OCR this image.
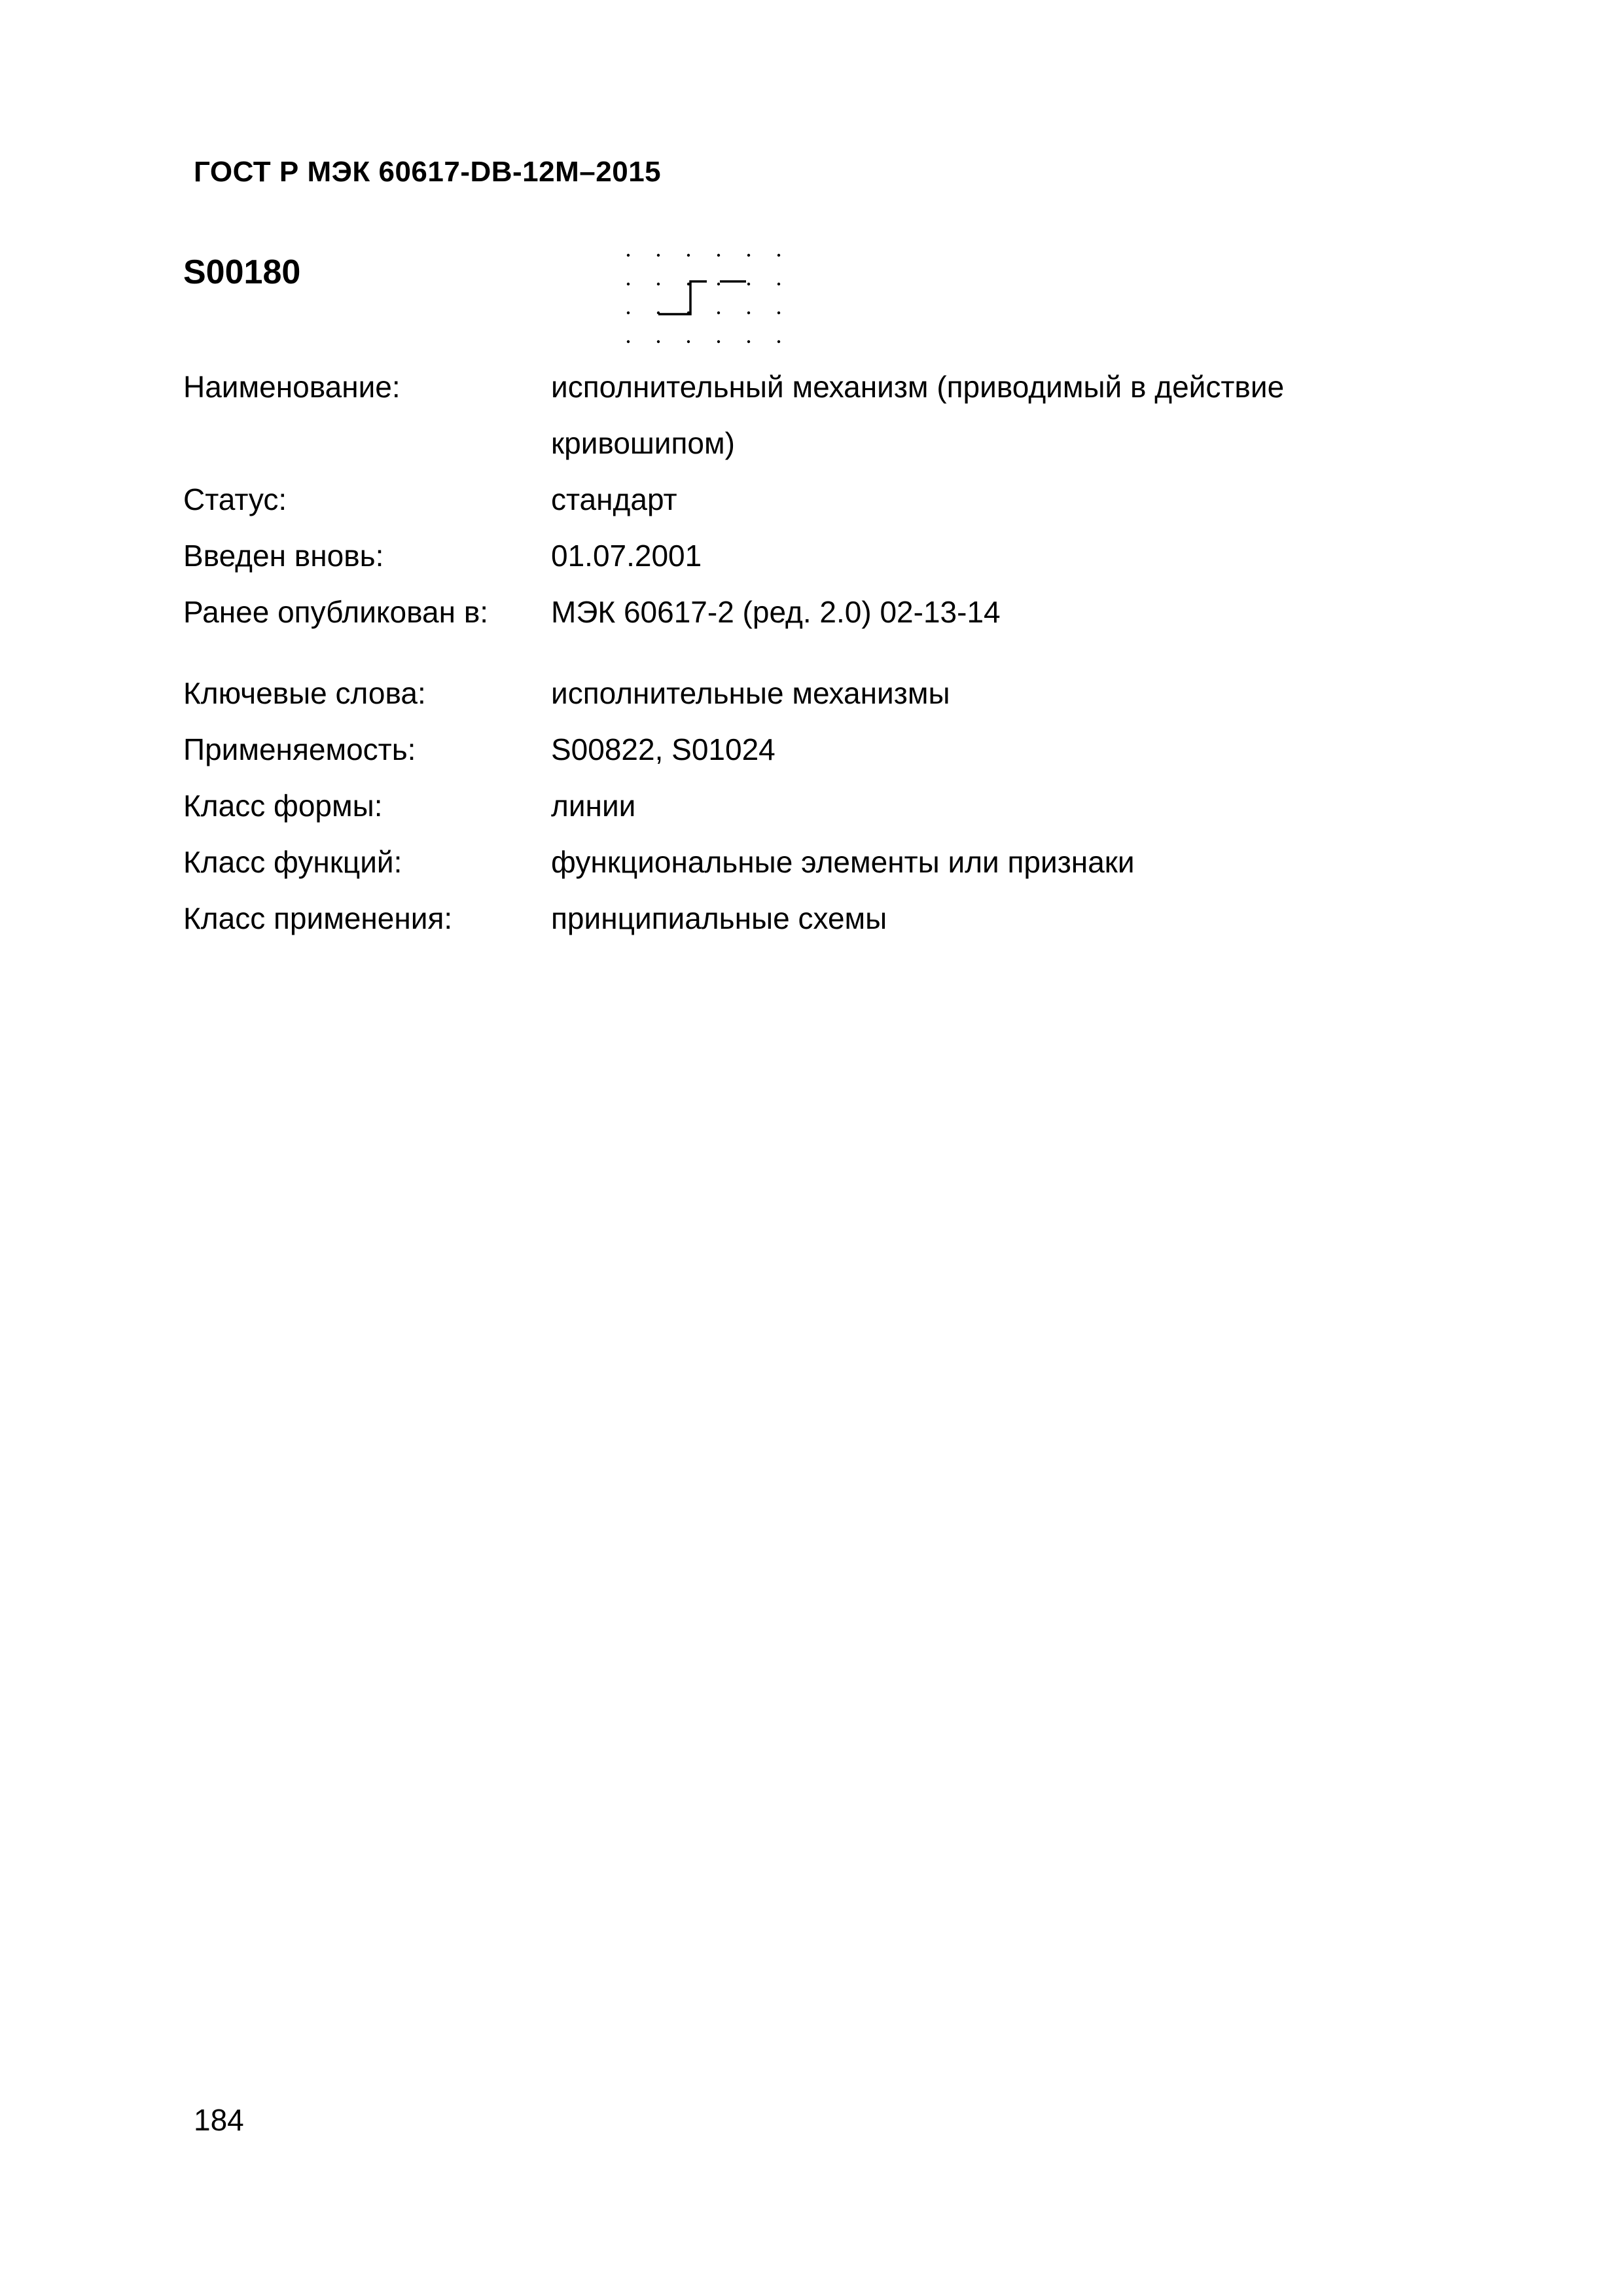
ГОСТ Р МЭК 60617-DB-12M–2015
S00180
Наименование:	исполнительный механизм (приводимый в действие кривошипом)
Статус:	стандарт
Введен вновь:	01.07.2001
Ранее опубликован в:	МЭК 60617-2 (ред. 2.0) 02-13-14
Ключевые слова:	исполнительные механизмы
Применяемость:	S00822, S01024
Класс формы:	линии
Класс функций:	функциональные элементы или признаки
Класс применения:	принципиальные схемы
184
